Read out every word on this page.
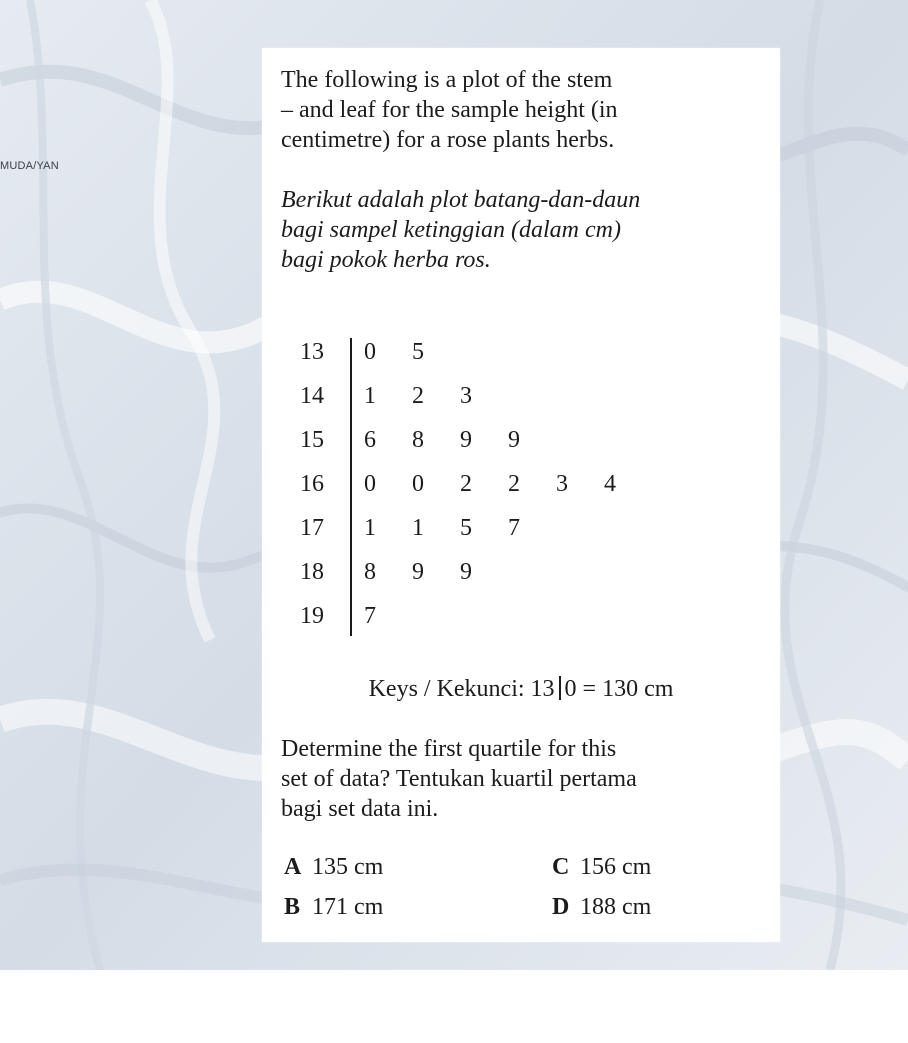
MUDA/YAN

The following is a plot of the stem
– and leaf for the sample height (in
centimetre) for a rose plants herbs.

Berikut adalah plot batang-dan-daun
bagi sampel ketinggian (dalam cm)
bagi pokok herba ros.

13	0 5
14	1 2 3
15	6 8 9 9
16	0 0 2 2 3 4
17	1 1 5 7
18	8 9 9
19	7
Keys / Kekunci: 13 0 = 130 cm

Determine the first quartile for this
set of data? Tentukan kuartil pertama
bagi set data ini.

A 135 cm	C 156 cm
B 171 cm	D 188 cm
